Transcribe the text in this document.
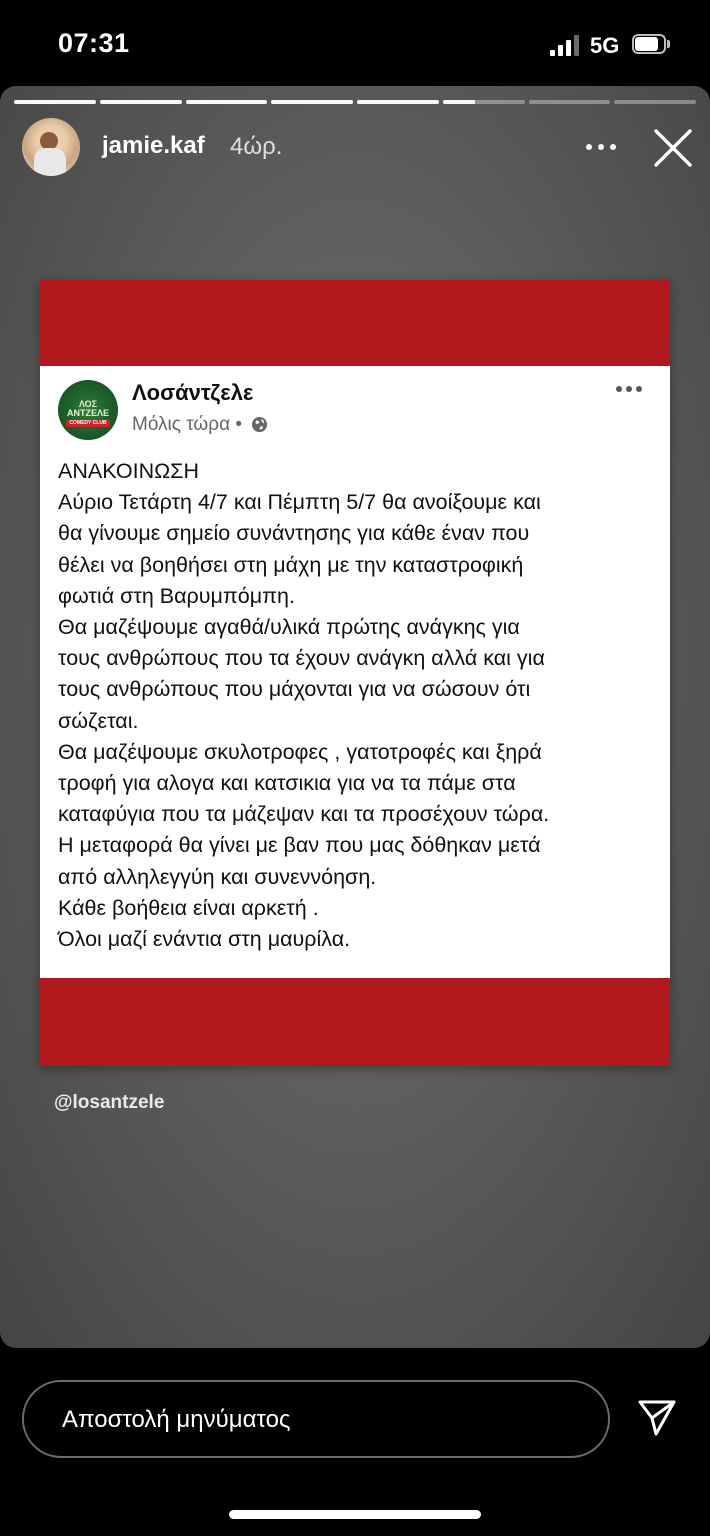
07:31	5G
jamie.kaf 4ώρ.
ΛΟΣ
ΑΝΤΖΕΛΕ
COMEDY CLUB
Λοσάντζελε
Μόλις τώρα •
ΑΝΑΚΟΙΝΩΣΗ
Αύριο Τετάρτη 4/7 και Πέμπτη 5/7 θα ανοίξουμε και
θα γίνουμε σημείο συνάντησης για κάθε έναν που
θέλει να βοηθήσει στη μάχη με την καταστροφική
φωτιά στη Βαρυμπόμπη.
Θα μαζέψουμε αγαθά/υλικά πρώτης ανάγκης για
τους ανθρώπους που τα έχουν ανάγκη αλλά και για
τους ανθρώπους που μάχονται για να σώσουν ότι
σώζεται.
Θα μαζέψουμε σκυλοτροφες , γατοτροφές και ξηρά
τροφή για αλογα και κατσικια για να τα πάμε στα
καταφύγια που τα μάζεψαν και τα προσέχουν τώρα.
Η μεταφορά θα γίνει με βαν που μας δόθηκαν μετά
από αλληλεγγύη και συνεννόηση.
Κάθε βοήθεια είναι αρκετή .
Όλοι μαζί ενάντια στη μαυρίλα.
@losantzele
Αποστολή μηνύματος
